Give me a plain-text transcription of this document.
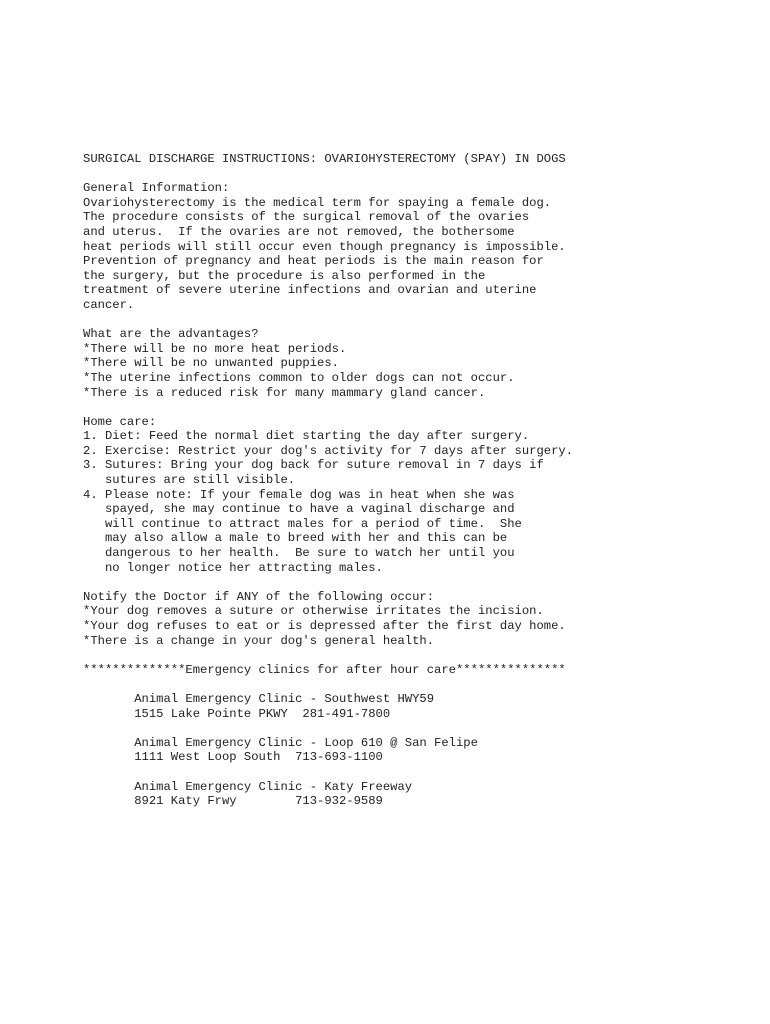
SURGICAL DISCHARGE INSTRUCTIONS: OVARIOHYSTERECTOMY (SPAY) IN DOGS

General Information:

Ovariohysterectomy is the medical term for spaying a female dog.

The procedure consists of the surgical removal of the ovaries

and uterus.  If the ovaries are not removed, the bothersome

heat periods will still occur even though pregnancy is impossible.

Prevention of pregnancy and heat periods is the main reason for

the surgery, but the procedure is also performed in the

treatment of severe uterine infections and ovarian and uterine

cancer.

What are the advantages?

*There will be no more heat periods.

*There will be no unwanted puppies.

*The uterine infections common to older dogs can not occur.

*There is a reduced risk for many mammary gland cancer.

Home care:

1. Diet: Feed the normal diet starting the day after surgery.

2. Exercise: Restrict your dog's activity for 7 days after surgery.

3. Sutures: Bring your dog back for suture removal in 7 days if

sutures are still visible.

4. Please note: If your female dog was in heat when she was

spayed, she may continue to have a vaginal discharge and

will continue to attract males for a period of time.  She

may also allow a male to breed with her and this can be

dangerous to her health.  Be sure to watch her until you

no longer notice her attracting males.

Notify the Doctor if ANY of the following occur:

*Your dog removes a suture or otherwise irritates the incision.

*Your dog refuses to eat or is depressed after the first day home.

*There is a change in your dog's general health.

**************Emergency clinics for after hour care***************

Animal Emergency Clinic - Southwest HWY59

1515 Lake Pointe PKWY  281-491-7800

Animal Emergency Clinic - Loop 610 @ San Felipe

1111 West Loop South  713-693-1100

Animal Emergency Clinic - Katy Freeway

8921 Katy Frwy        713-932-9589
